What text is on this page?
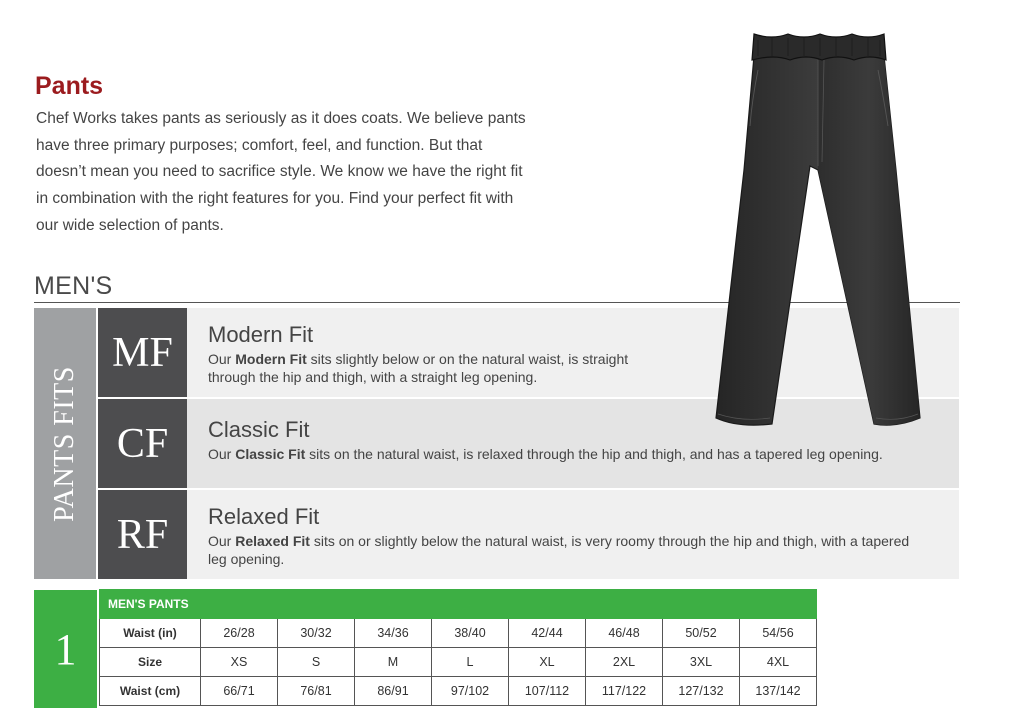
Pants

Chef Works takes pants as seriously as it does coats. We believe pants have three primary purposes; comfort, feel, and function. But that doesn’t mean you need to sacrifice style. We know we have the right fit in combination with the right features for you. Find your perfect fit with our wide selection of pants.

MEN'S
PANTS FITS
MF	Modern Fit
Our Modern Fit sits slightly below or on the natural waist, is straight through the hip and thigh, with a straight leg opening.
CF	Classic Fit
Our Classic Fit sits on the natural waist, is relaxed through the hip and thigh, and has a tapered leg opening.
RF	Relaxed Fit
Our Relaxed Fit sits on or slightly below the natural waist, is very roomy through the hip and thigh, with a tapered leg opening.
1
MEN'S PANTS								
Waist (in)	26/28	30/32	34/36	38/40	42/44	46/48	50/52	54/56
Size	XS	S	M	L	XL	2XL	3XL	4XL
Waist (cm)	66/71	76/81	86/91	97/102	107/112	117/122	127/132	137/142
